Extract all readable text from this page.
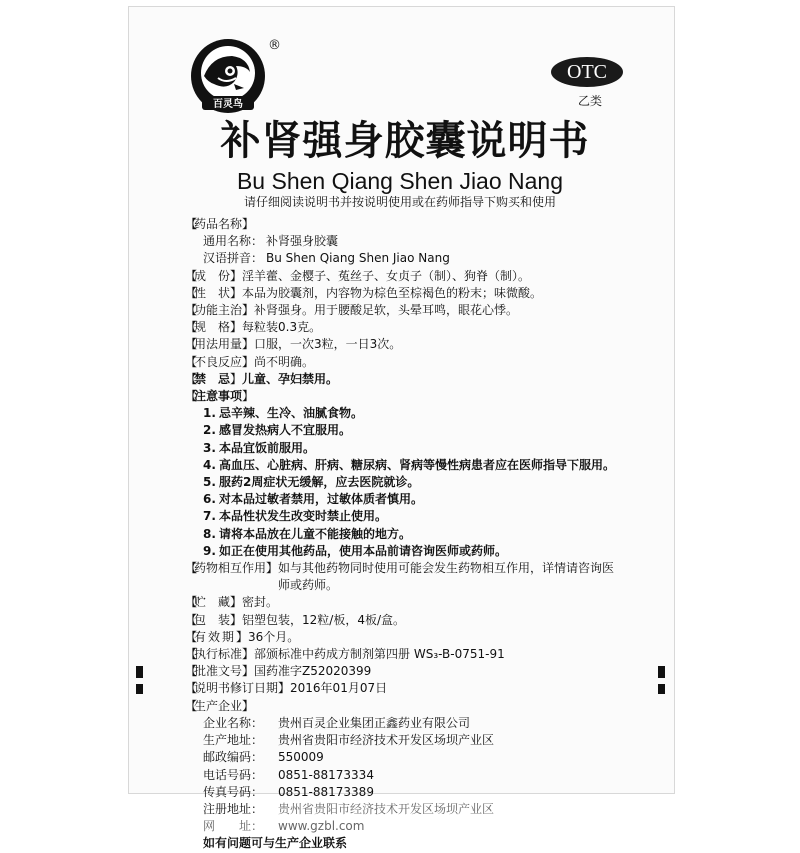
百灵鸟
®
OTC
乙类
补肾强身胶囊说明书
Bu Shen Qiang Shen Jiao Nang
请仔细阅读说明书并按说明使用或在药师指导下购买和使用
【
药品名称 】
通用名称： 补肾强身胶囊
汉语拼音： Bu Shen Qiang Shen Jiao Nang
【
成　份 】 淫羊藿、金樱子、菟丝子、女贞子（制）、狗脊（制）。
【
性　状 】 本品为胶囊剂，内容物为棕色至棕褐色的粉末；味微酸。
【
功能主治 】 补肾强身。用于腰酸足软，头晕耳鸣，眼花心悸。
【
规　格 】 每粒装0.3克。
【
用法用量 】 口服，一次3粒，一日3次。
【
不良反应 】 尚不明确。
【
禁　忌 】 儿童、孕妇禁用。
【
注意事项 】
1. 忌辛辣、生冷、油腻食物。
2. 感冒发热病人不宜服用。
3. 本品宜饭前服用。
4. 高血压、心脏病、肝病、糖尿病、肾病等慢性病患者应在医师指导下服用。
5. 服药2周症状无缓解，应去医院就诊。
6. 对本品过敏者禁用，过敏体质者慎用。
7. 本品性状发生改变时禁止使用。
8. 请将本品放在儿童不能接触的地方。
9. 如正在使用其他药品，使用本品前请咨询医师或药师。
【
药物相互作用 】 如与其他药物同时使用可能会发生药物相互作用，详情请咨询医师或药师。
【
贮　藏 】 密封。
【
包　装 】 铝塑包装，12粒/板，4板/盒。
【
有效期 】 36个月。
【
执行标准 】 部颁标准中药成方制剂第四册 WS₃-B-0751-91
【
批准文号 】 国药准字Z52020399
【
说明书修订日期 】 2016年01月07日
【
生产企业 】
企业名称：	贵州百灵企业集团正鑫药业有限公司
生产地址：	贵州省贵阳市经济技术开发区场坝产业区
邮政编码：	550009
电话号码：	0851-88173334
传真号码：	0851-88173389
注册地址：	贵州省贵阳市经济技术开发区场坝产业区
网　　址：	www.gzbl.com
如有问题可与生产企业联系
